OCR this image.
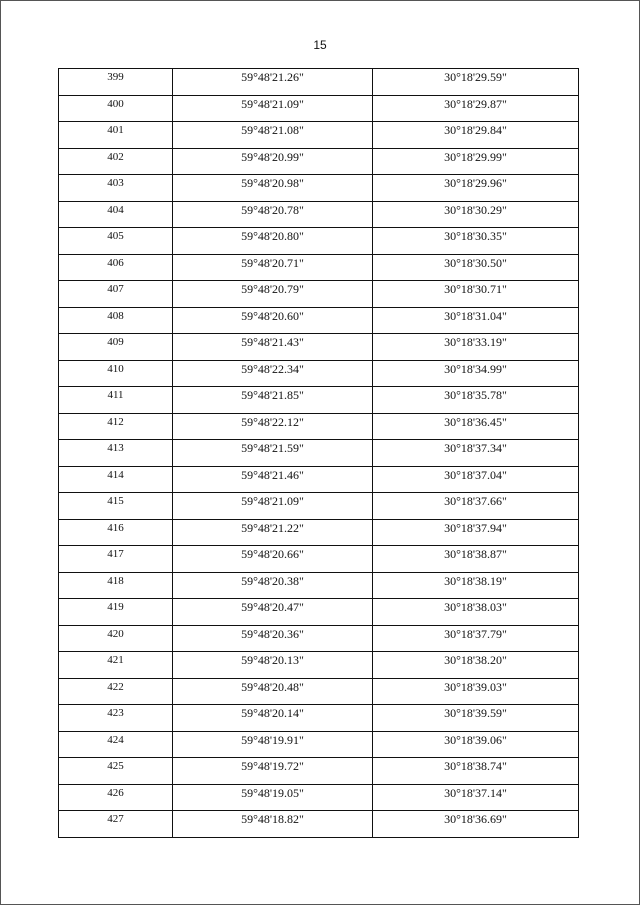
15
399	59°48'21.26"	30°18'29.59"

400	59°48'21.09"	30°18'29.87"

401	59°48'21.08"	30°18'29.84"

402	59°48'20.99"	30°18'29.99"

403	59°48'20.98"	30°18'29.96"

404	59°48'20.78"	30°18'30.29"

405	59°48'20.80"	30°18'30.35"

406	59°48'20.71"	30°18'30.50"

407	59°48'20.79"	30°18'30.71"

408	59°48'20.60"	30°18'31.04"

409	59°48'21.43"	30°18'33.19"

410	59°48'22.34"	30°18'34.99"

411	59°48'21.85"	30°18'35.78"

412	59°48'22.12"	30°18'36.45"

413	59°48'21.59"	30°18'37.34"

414	59°48'21.46"	30°18'37.04"

415	59°48'21.09"	30°18'37.66"

416	59°48'21.22"	30°18'37.94"

417	59°48'20.66"	30°18'38.87"

418	59°48'20.38"	30°18'38.19"

419	59°48'20.47"	30°18'38.03"

420	59°48'20.36"	30°18'37.79"

421	59°48'20.13"	30°18'38.20"

422	59°48'20.48"	30°18'39.03"

423	59°48'20.14"	30°18'39.59"

424	59°48'19.91"	30°18'39.06"

425	59°48'19.72"	30°18'38.74"

426	59°48'19.05"	30°18'37.14"

427	59°48'18.82"	30°18'36.69"
